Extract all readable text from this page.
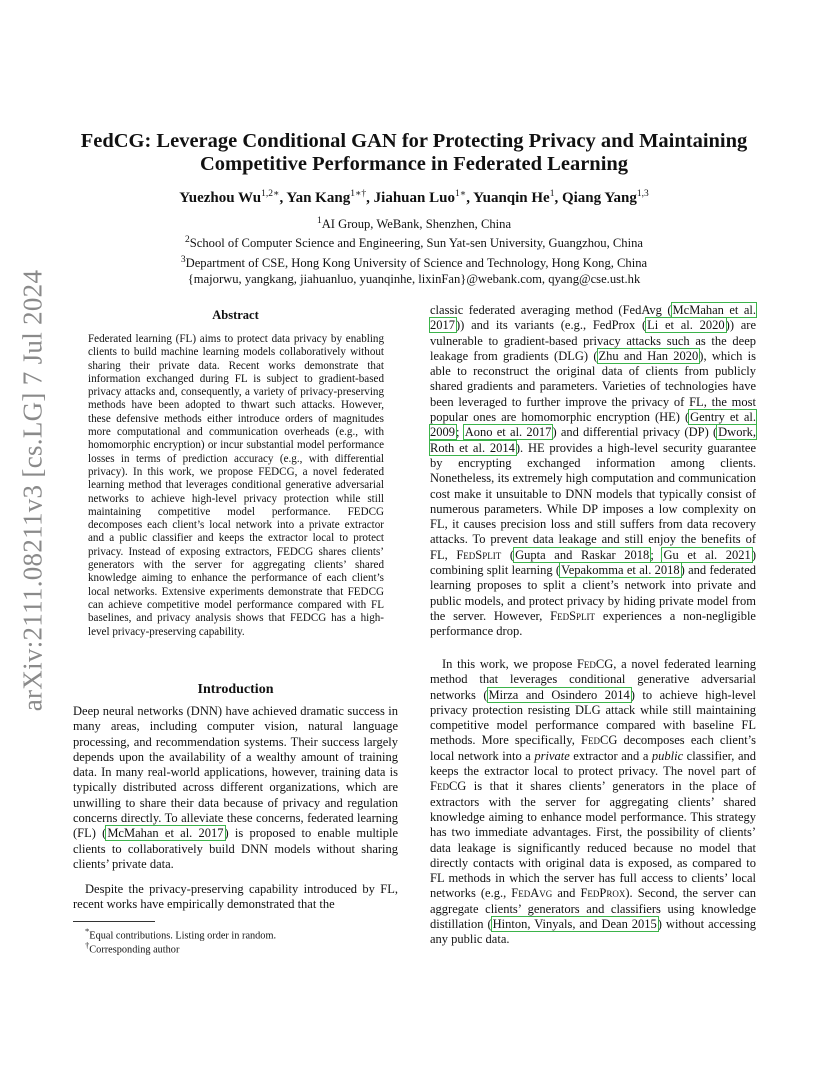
arXiv:2111.08211v3 [cs.LG] 7 Jul 2024
FedCG: Leverage Conditional GAN for Protecting Privacy and Maintaining
Competitive Performance in Federated Learning
Yuezhou $Wu^{1,2∗}$, Yan Kang$^{1∗\dagger}$, Jiahuan Luo$^{1∗}$, Yuanqin He$^1$, Qiang Yang$^{1,3}$
$^1$AI Group, WeBank, Shenzhen, China
$^2$School of Computer Science and Engineering, Sun Yat-sen University, Guangzhou, China
$^3$Department of CSE, Hong Kong University of Science and Technology, Hong Kong, China
{majorwu, yangkang, jiahuanluo, yuanqinhe, lixinFan}@webank.com, qyang@cse.ust.hk
Abstract
Federated learning (FL) aims to protect data privacy by enabling clients to build machine learning models collaboratively without sharing their private data. Recent works demonstrate that information exchanged during FL is subject to gradient-based privacy attacks and, consequently, a variety of privacy-preserving methods have been adopted to thwart such attacks. However, these defensive methods either introduce orders of magnitudes more computational and communication overheads (e.g., with homomorphic encryption) or incur substantial model performance losses in terms of prediction accuracy (e.g., with differential privacy). In this work, we propose FEDCG, a novel federated learning method that leverages conditional generative adversarial networks to achieve high-level privacy protection while still maintaining competitive model performance. FEDCG decomposes each client’s local network into a private extractor and a public classifier and keeps the extractor local to protect privacy. Instead of exposing extractors, FEDCG shares clients’ generators with the server for aggregating clients’ shared knowledge aiming to enhance the performance of each client’s local networks. Extensive experiments demonstrate that FEDCG can achieve competitive model performance compared with FL baselines, and privacy analysis shows that FEDCG has a high-level privacy-preserving capability.
Introduction
Deep neural networks (DNN) have achieved dramatic success in many areas, including computer vision, natural language processing, and recommendation systems. Their success largely depends upon the availability of a wealthy amount of training data. In many real-world applications, however, training data is typically distributed across different organizations, which are unwilling to share their data because of privacy and regulation concerns directly. To alleviate these concerns, federated learning (FL) (McMahan et al. 2017) is proposed to enable multiple clients to collaboratively build DNN models without sharing clients’ private data.
Despite the privacy-preserving capability introduced by FL, recent works have empirically demonstrated that the
*Equal contributions. Listing order in random.
†Corresponding author
classic federated averaging method (FedAvg (McMahan et al. 2017)) and its variants (e.g., FedProx (Li et al. 2020)) are vulnerable to gradient-based privacy attacks such as the deep leakage from gradients (DLG) (Zhu and Han 2020), which is able to reconstruct the original data of clients from publicly shared gradients and parameters. Varieties of technologies have been leveraged to further improve the privacy of FL, the most popular ones are homomorphic encryption (HE) (Gentry et al. 2009; Aono et al. 2017) and differential privacy (DP) (Dwork, Roth et al. 2014). HE provides a high-level security guarantee by encrypting exchanged information among clients. Nonetheless, its extremely high computation and communication cost make it unsuitable to DNN models that typically consist of numerous parameters. While DP imposes a low complexity on FL, it causes precision loss and still suffers from data recovery attacks. To prevent data leakage and still enjoy the benefits of FL, FedSplit (Gupta and Raskar 2018; Gu et al. 2021) combining split learning (Vepakomma et al. 2018) and federated learning proposes to split a client’s network into private and public models, and protect privacy by hiding private model from the server. However, FedSplit experiences a non-negligible performance drop.
In this work, we propose FedCG, a novel federated learning method that leverages conditional generative adversarial networks (Mirza and Osindero 2014) to achieve high-level privacy protection resisting DLG attack while still maintaining competitive model performance compared with baseline FL methods. More specifically, FedCG decomposes each client’s local network into a private extractor and a public classifier, and keeps the extractor local to protect privacy. The novel part of FedCG is that it shares clients’ generators in the place of extractors with the server for aggregating clients’ shared knowledge aiming to enhance model performance. This strategy has two immediate advantages. First, the possibility of clients’ data leakage is significantly reduced because no model that directly contacts with original data is exposed, as compared to FL methods in which the server has full access to clients’ local networks (e.g., FedAvg and FedProx). Second, the server can aggregate clients’ generators and classifiers using knowledge distillation (Hinton, Vinyals, and Dean 2015) without accessing any public data.
